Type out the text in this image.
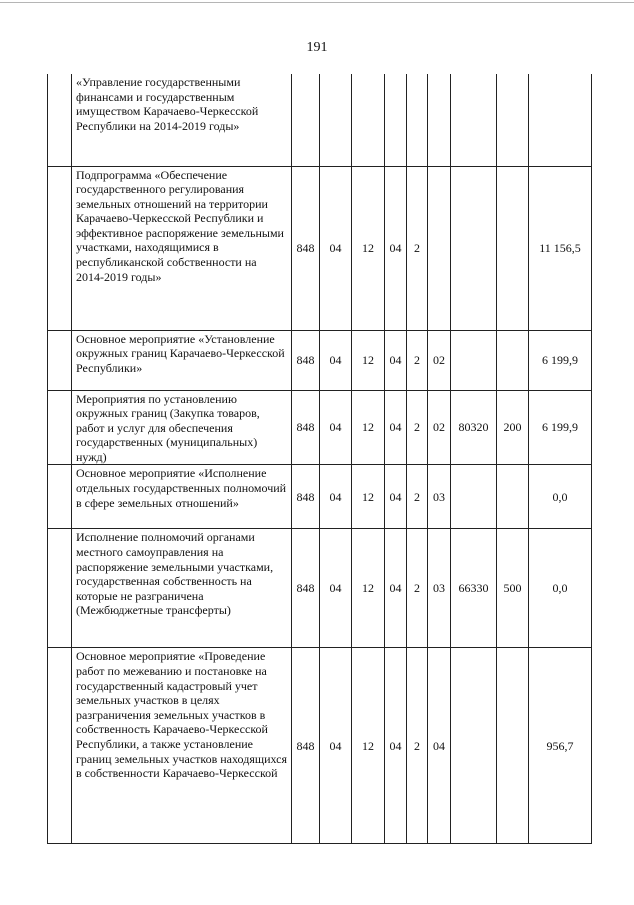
191
	«Управление государственными финансами и государственным имуществом Карачаево-Черкесской Республики на 2014-2019 годы»									
	Подпрограмма «Обеспечение государственного регулирования земельных отношений на территории Карачаево-Черкесской Республики и эффективное распоряжение земельными участками, находящимися в республиканской собственности на 2014-2019 годы»	848	04	12	04	2				11 156,5
	Основное мероприятие «Установление окружных границ Карачаево-Черкесской Республики»	848	04	12	04	2	02			6 199,9
	Мероприятия по установлению окружных границ (Закупка товаров, работ и услуг для обеспечения государственных (муниципальных) нужд)	848	04	12	04	2	02	80320	200	6 199,9
	Основное мероприятие «Исполнение отдельных государственных полномочий в сфере земельных отношений»	848	04	12	04	2	03			0,0
	Исполнение полномочий органами местного самоуправления на распоряжение земельными участками, государственная собственность на которые не разграничена (Межбюджетные трансферты)	848	04	12	04	2	03	66330	500	0,0
	Основное мероприятие «Проведение работ по межеванию и постановке на государственный кадастровый учет земельных участков в целях разграничения земельных участков в собственность Карачаево-Черкесской Республики, а также установление границ земельных участков находящихся в собственности Карачаево-Черкесской	848	04	12	04	2	04			956,7
